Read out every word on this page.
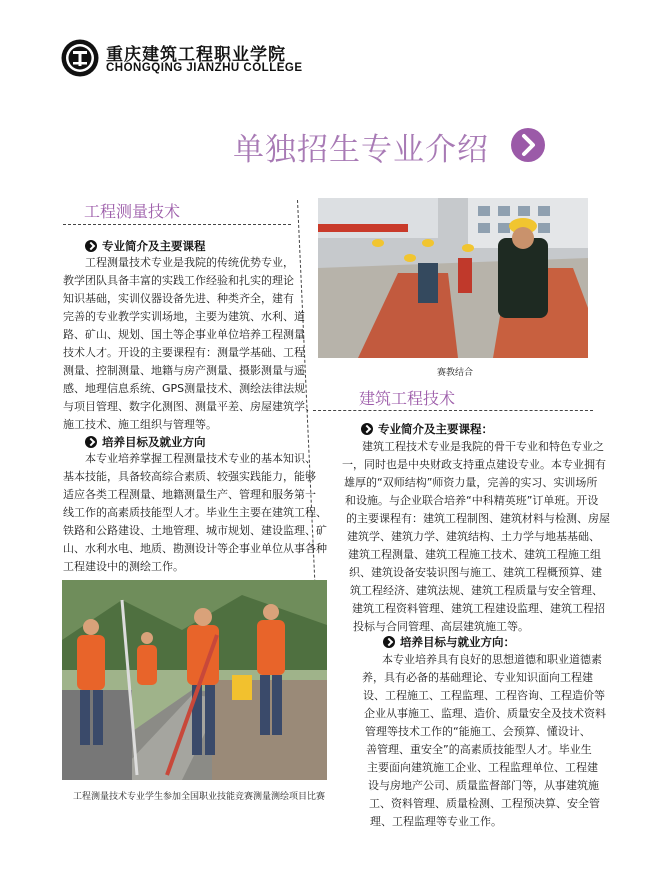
重庆建筑工程职业学院
CHONGQING JIANZHU COLLEGE
单独招生专业介绍
工程测量技术
专业简介及主要课程
工程测量技术专业是我院的传统优势专业，
教学团队具备丰富的实践工作经验和扎实的理论
知识基础，实训仪器设备先进、种类齐全，建有
完善的专业教学实训场地，主要为建筑、水利、道
路、矿山、规划、国土等企事业单位培养工程测量
技术人才。开设的主要课程有：测量学基础、工程
测量、控制测量、地籍与房产测量、摄影测量与遥
感、地理信息系统、GPS测量技术、测绘法律法规
与项目管理、数字化测图、测量平差、房屋建筑学、
施工技术、施工组织与管理等。
培养目标及就业方向
本专业培养掌握工程测量技术专业的基本知识、
基本技能，具备较高综合素质、较强实践能力，能够
适应各类工程测量、地籍测量生产、管理和服务第一
线工作的高素质技能型人才。毕业生主要在建筑工程、
铁路和公路建设、土地管理、城市规划、建设监理、矿
山、水利水电、地质、勘测设计等企事业单位从事各种
工程建设中的测绘工作。
工程测量技术专业学生参加全国职业技能竞赛测量测绘项目比赛
赛教结合
建筑工程技术
专业简介及主要课程：
建筑工程技术专业是我院的骨干专业和特色专业之
一，同时也是中央财政支持重点建设专业。本专业拥有
雄厚的“双师结构”师资力量，完善的实习、实训场所
和设施。与企业联合培养“中科精英班”订单班。开设
的主要课程有：建筑工程制图、建筑材料与检测、房屋
建筑学、建筑力学、建筑结构、土力学与地基基础、
建筑工程测量、建筑工程施工技术、建筑工程施工组
织、建筑设备安装识图与施工、建筑工程概预算、建
筑工程经济、建筑法规、建筑工程质量与安全管理、
建筑工程资料管理、建筑工程建设监理、建筑工程招
投标与合同管理、高层建筑施工等。
培养目标与就业方向：
本专业培养具有良好的思想道德和职业道德素
养，具有必备的基础理论、专业知识面向工程建
设、工程施工、工程监理、工程咨询、工程造价等
企业从事施工、监理、造价、质量安全及技术资料
管理等技术工作的“能施工、会预算、懂设计、
善管理、重安全”的高素质技能型人才。毕业生
主要面向建筑施工企业、工程监理单位、工程建
设与房地产公司、质量监督部门等，从事建筑施
工、资料管理、质量检测、工程预决算、安全管
理、工程监理等专业工作。
